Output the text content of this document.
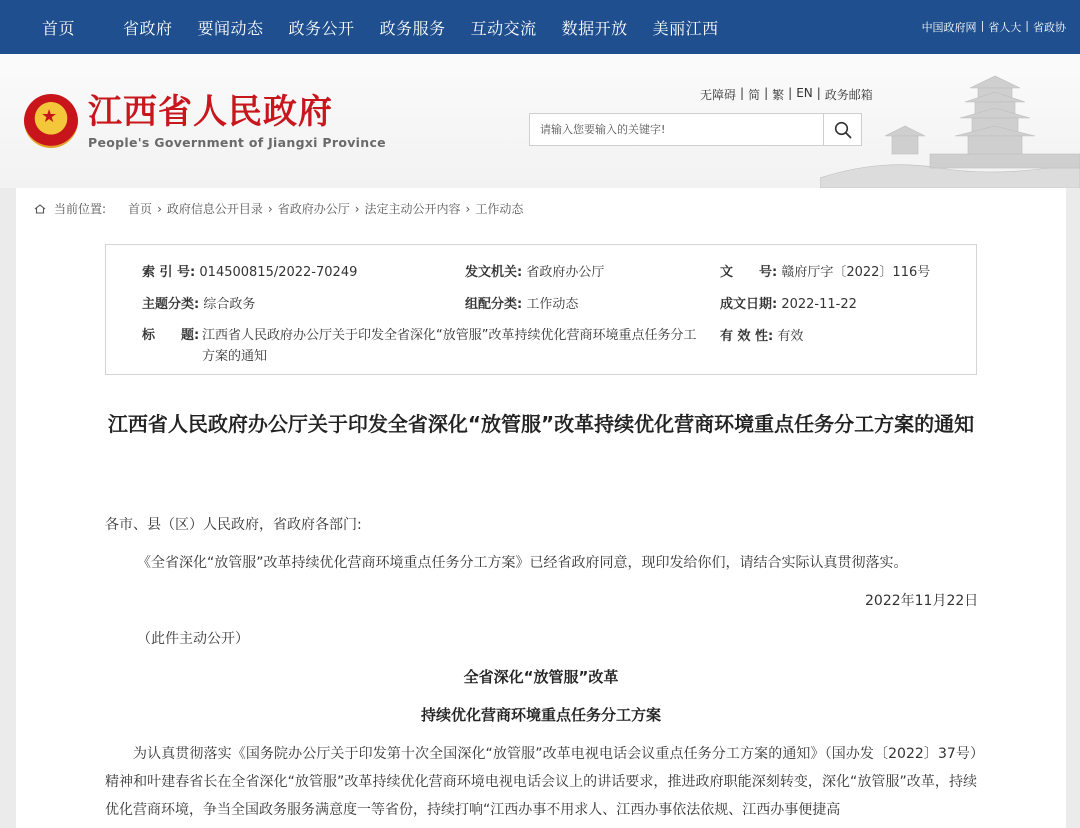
首页	省政府 要闻动态 政务公开 政务服务 互动交流 数据开放 美丽江西	中国政府网 | 省人大 | 省政协
★
江西省人民政府
People's Government of Jiangxi Province
无障碍 | 简 | 繁 | EN | 政务邮箱
请输入您要输入的关键字!
当前位置: 首页 › 政府信息公开目录 › 省政府办公厅 › 法定主动公开内容 › 工作动态
索 引 号: 014500815/2022-70249	发文机关: 省政府办公厅	文　　号: 赣府厅字〔2022〕116号
主题分类: 综合政务	组配分类: 工作动态	成文日期: 2022-11-22
标　　题: 江西省人民政府办公厅关于印发全省深化“放管服”改革持续优化营商环境重点任务分工方案的通知
有 效 性: 有效
江西省人民政府办公厅关于印发全省深化“放管服”改革持续优化营商环境重点任务分工方案的通知
各市、县（区）人民政府，省政府各部门:
《全省深化“放管服”改革持续优化营商环境重点任务分工方案》已经省政府同意，现印发给你们，请结合实际认真贯彻落实。
2022年11月22日
（此件主动公开）
全省深化“放管服”改革
持续优化营商环境重点任务分工方案
为认真贯彻落实《国务院办公厅关于印发第十次全国深化“放管服”改革电视电话会议重点任务分工方案的通知》（国办发〔2022〕37号）精神和叶建春省长在全省深化“放管服”改革持续优化营商环境电视电话会议上的讲话要求，推进政府职能深刻转变，深化“放管服”改革，持续优化营商环境，争当全国政务服务满意度一等省份，持续打响“江西办事不用求人、江西办事依法依规、江西办事便捷高
